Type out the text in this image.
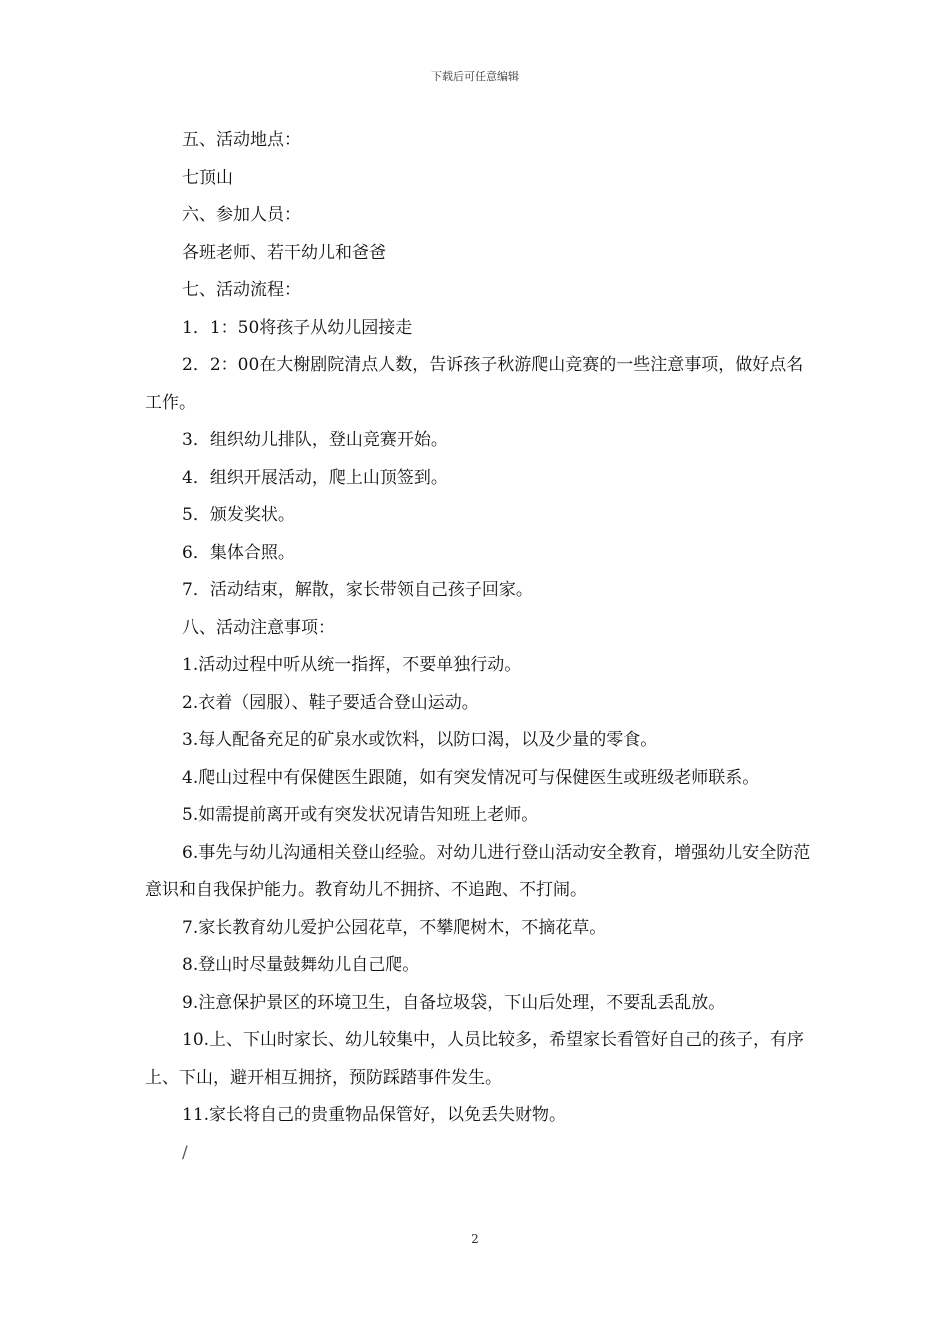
下载后可任意编辑

五、活动地点：

七顶山

六、参加人员：

各班老师、若干幼儿和爸爸

七、活动流程：

1．1：50将孩子从幼儿园接走

2．2：00在大榭剧院清点人数，告诉孩子秋游爬山竞赛的一些注意事项，做好点名工作。

3．组织幼儿排队，登山竞赛开始。

4．组织开展活动，爬上山顶签到。

5．颁发奖状。

6．集体合照。

7．活动结束，解散，家长带领自己孩子回家。

八、活动注意事项：

1.活动过程中听从统一指挥，不要单独行动。

2.衣着（园服）、鞋子要适合登山运动。

3.每人配备充足的矿泉水或饮料，以防口渴，以及少量的零食。

4.爬山过程中有保健医生跟随，如有突发情况可与保健医生或班级老师联系。

5.如需提前离开或有突发状况请告知班上老师。

6.事先与幼儿沟通相关登山经验。对幼儿进行登山活动安全教育，增强幼儿安全防范意识和自我保护能力。教育幼儿不拥挤、不追跑、不打闹。

7.家长教育幼儿爱护公园花草，不攀爬树木，不摘花草。

8.登山时尽量鼓舞幼儿自己爬。

9.注意保护景区的环境卫生，自备垃圾袋，下山后处理，不要乱丢乱放。

10.上、下山时家长、幼儿较集中，人员比较多，希望家长看管好自己的孩子，有序上、下山，避开相互拥挤，预防踩踏事件发生。

11.家长将自己的贵重物品保管好，以免丢失财物。

/

2
